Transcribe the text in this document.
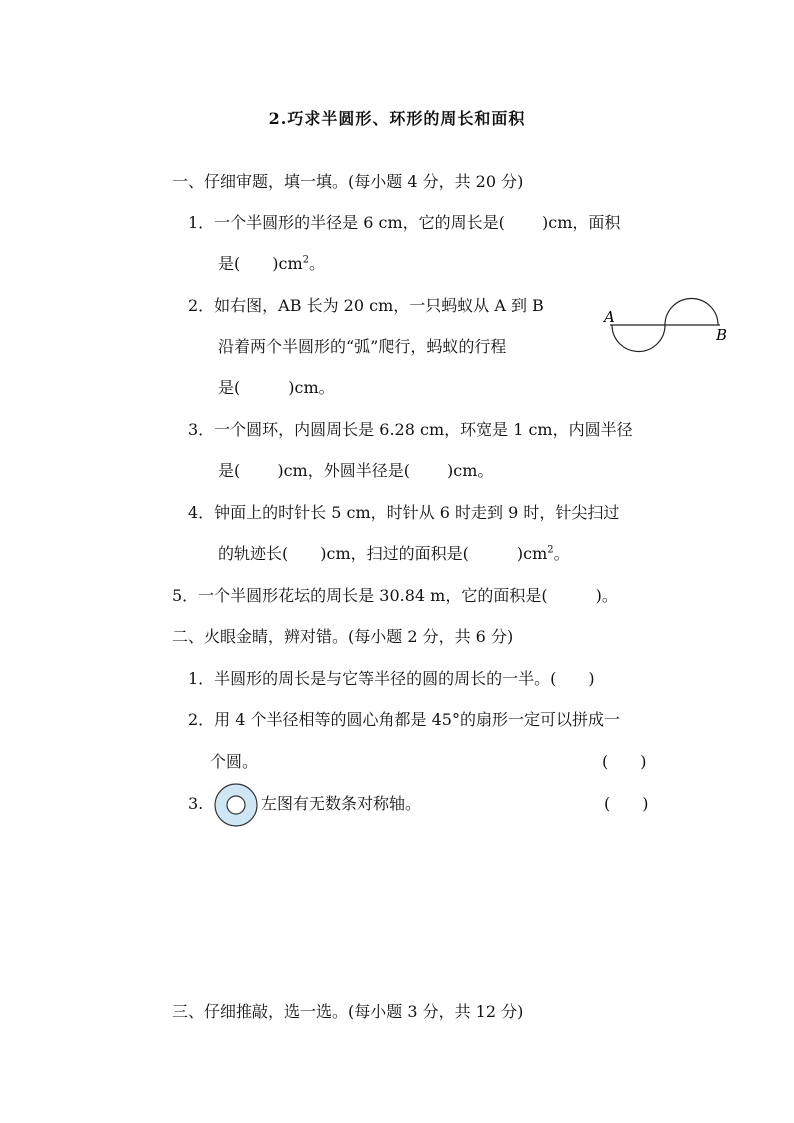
2.巧求半圆形、环形的周长和面积
一、仔细审题，填一填。(每小题 4 分，共 20 分)
1．一个半圆形的半径是 6 cm，它的周长是(　　 )cm，面积
是(　　)$cm^2$。
2．如右图，AB 长为 20 cm，一只蚂蚁从 A 到 B
沿着两个半圆形的“弧”爬行，蚂蚁的行程
是(　　　)cm。
A
B
3．一个圆环，内圆周长是 6.28 cm，环宽是 1 cm，内圆半径
是(　　 )cm，外圆半径是(　　 )cm。
4．钟面上的时针长 5 cm，时针从 6 时走到 9 时，针尖扫过
的轨迹长(　　)cm，扫过的面积是(　　　)$cm^2$。
5．一个半圆形花坛的周长是 30.84 m，它的面积是(　　　)。
二、火眼金睛，辨对错。(每小题 2 分，共 6 分)
1．半圆形的周长是与它等半径的圆的周长的一半。(　　)
2．用 4 个半径相等的圆心角都是 45°的扇形一定可以拼成一
个圆。	(　　)
3.	左图有无数条对称轴。	(　　)
三、仔细推敲，选一选。(每小题 3 分，共 12 分)
